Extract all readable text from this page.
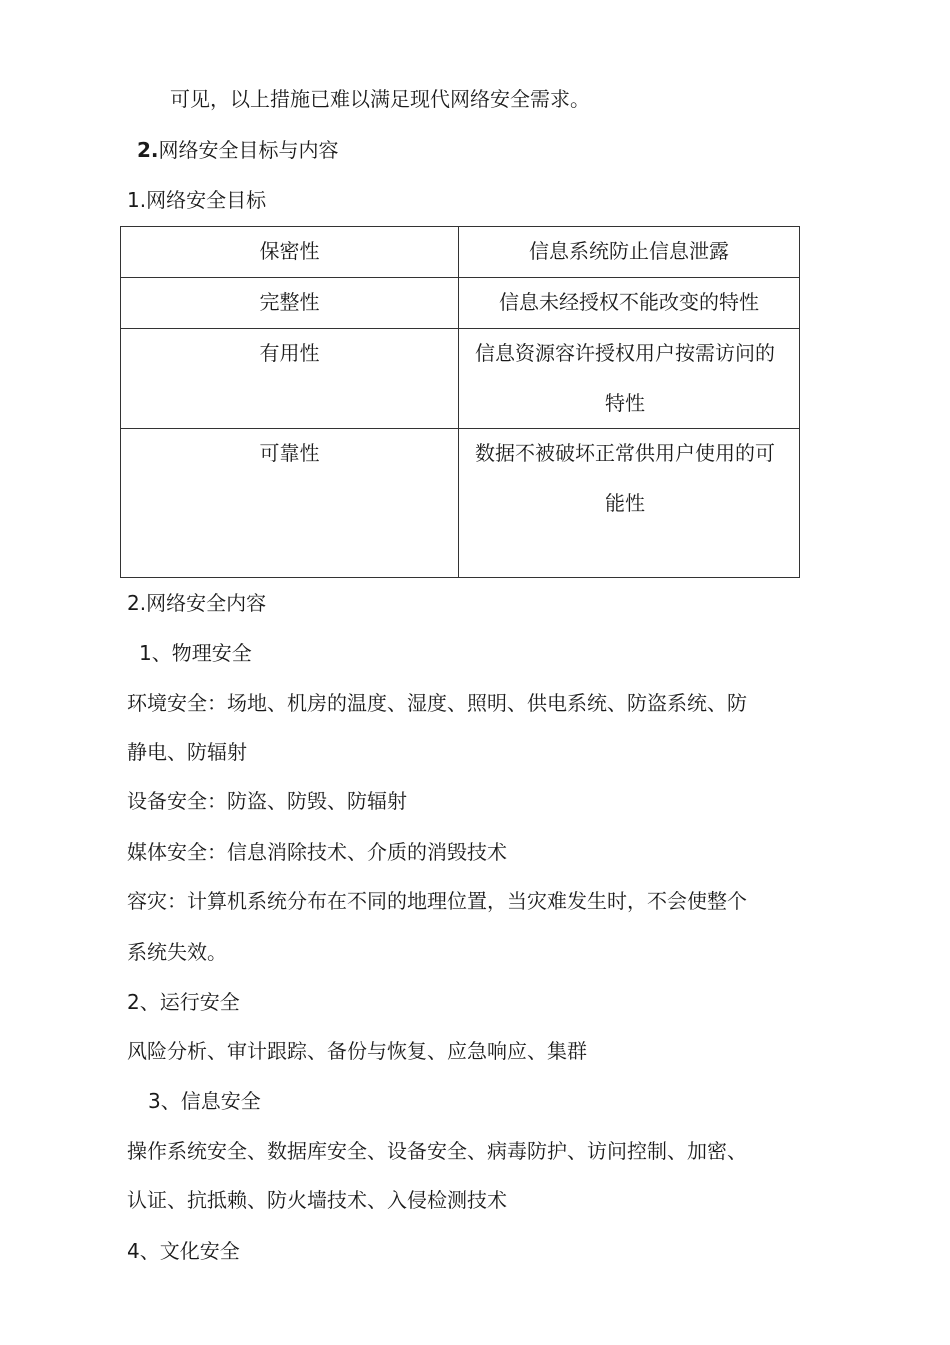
可见，以上措施已难以满足现代网络安全需求。
2.网络安全目标与内容
1.网络安全目标
保密性	信息系统防止信息泄露

完整性	信息未经授权不能改变的特性

有用性	信息资源容许授权用户按需访问的特性

可靠性	数据不被破坏正常供用户使用的可能性
2.网络安全内容
1、物理安全
环境安全：场地、机房的温度、湿度、照明、供电系统、防盗系统、防
静电、防辐射
设备安全：防盗、防毁、防辐射
媒体安全：信息消除技术、介质的消毁技术
容灾：计算机系统分布在不同的地理位置，当灾难发生时，不会使整个
系统失效。
2、运行安全
风险分析、审计跟踪、备份与恢复、应急响应、集群
3、信息安全
操作系统安全、数据库安全、设备安全、病毒防护、访问控制、加密、
认证、抗抵赖、防火墙技术、入侵检测技术
4、文化安全
